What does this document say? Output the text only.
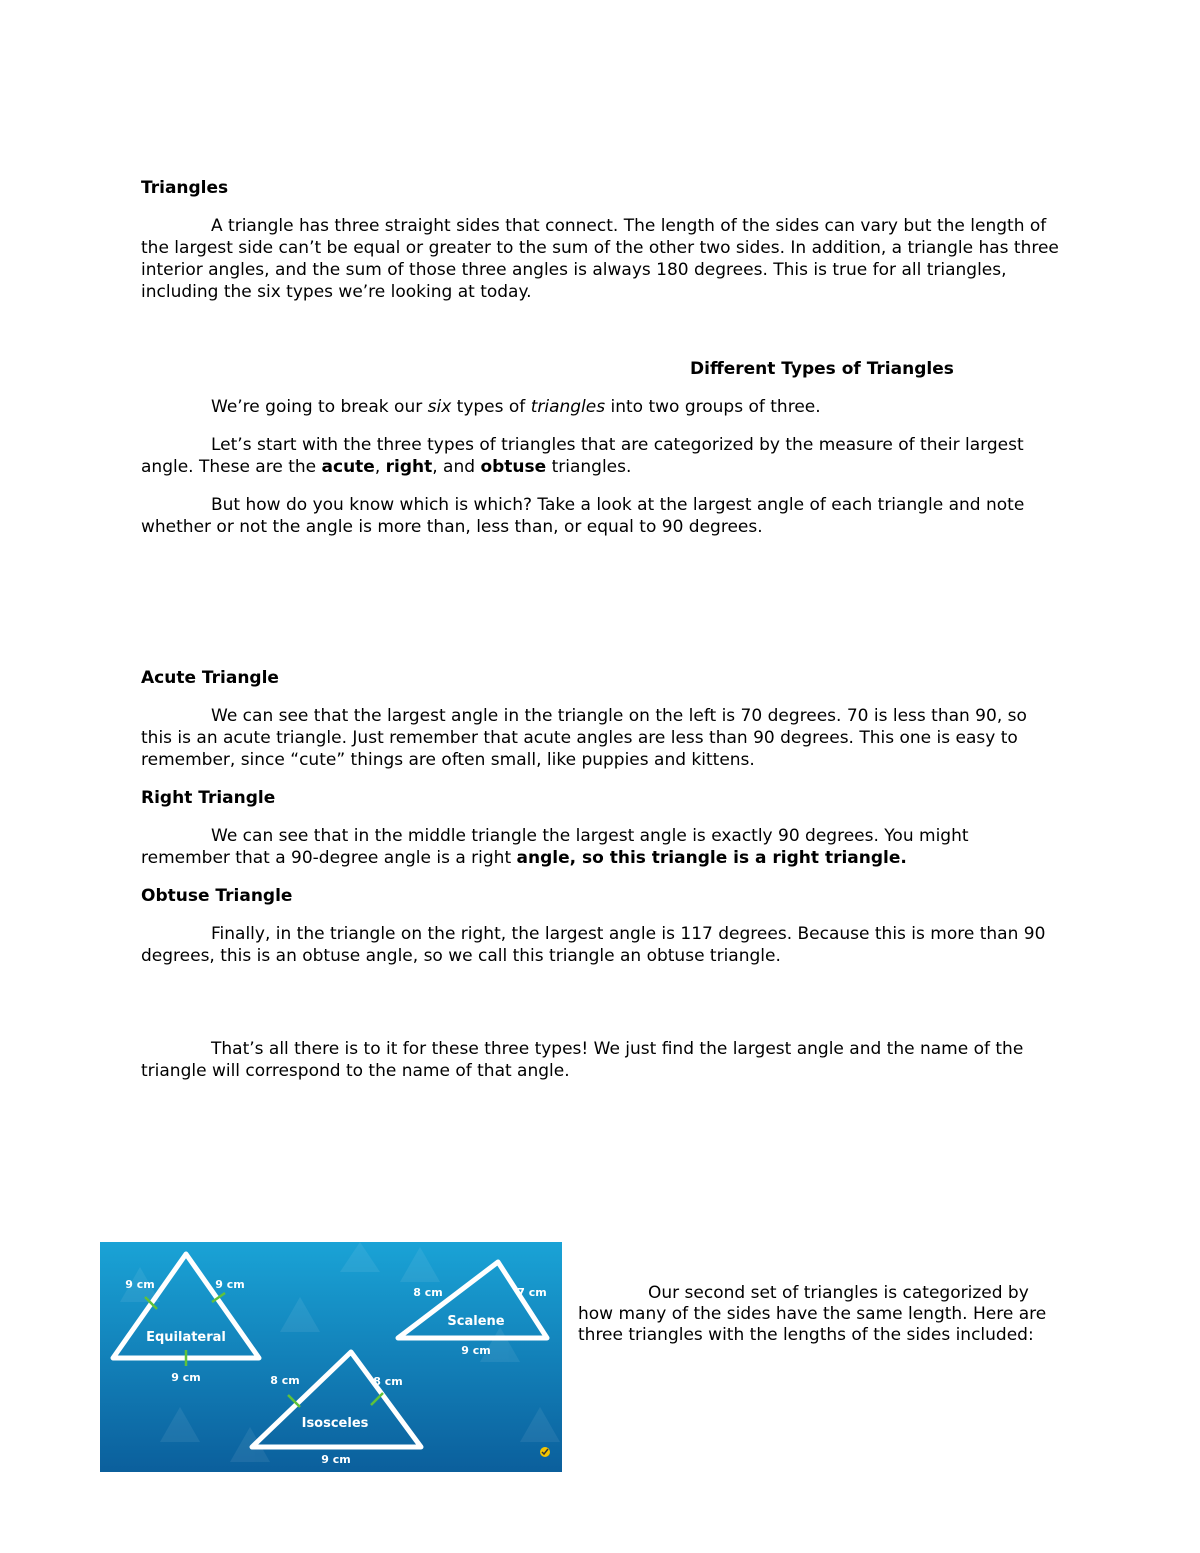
Triangles

A triangle has three straight sides that connect. The length of the sides can vary but the length of the largest side can’t be equal or greater to the sum of the other two sides. In addition, a triangle has three interior angles, and the sum of those three angles is always 180 degrees. This is true for all triangles, including the six types we’re looking at today.

Different Types of Triangles

We’re going to break our six types of triangles into two groups of three.

Let’s start with the three types of triangles that are categorized by the measure of their largest angle. These are the acute, right, and obtuse triangles.

But how do you know which is which? Take a look at the largest angle of each triangle and note whether or not the angle is more than, less than, or equal to 90 degrees.

Acute Triangle

We can see that the largest angle in the triangle on the left is 70 degrees. 70 is less than 90, so this is an acute triangle. Just remember that acute angles are less than 90 degrees. This one is easy to remember, since “cute” things are often small, like puppies and kittens.

Right Triangle

We can see that in the middle triangle the largest angle is exactly 90 degrees. You might remember that a 90-degree angle is a right angle, so this triangle is a right triangle.

Obtuse Triangle

Finally, in the triangle on the right, the largest angle is 117 degrees. Because this is more than 90 degrees, this is an obtuse angle, so we call this triangle an obtuse triangle.

That’s all there is to it for these three types! We just find the largest angle and the name of the triangle will correspond to the name of that angle.

Equilateral
9 cm	9 cm
9 cm
Scalene
8 cm	7 cm
9 cm
Isosceles
8 cm	8 cm
9 cm

Our second set of triangles is categorized by how many of the sides have the same length. Here are three triangles with the lengths of the sides included:
